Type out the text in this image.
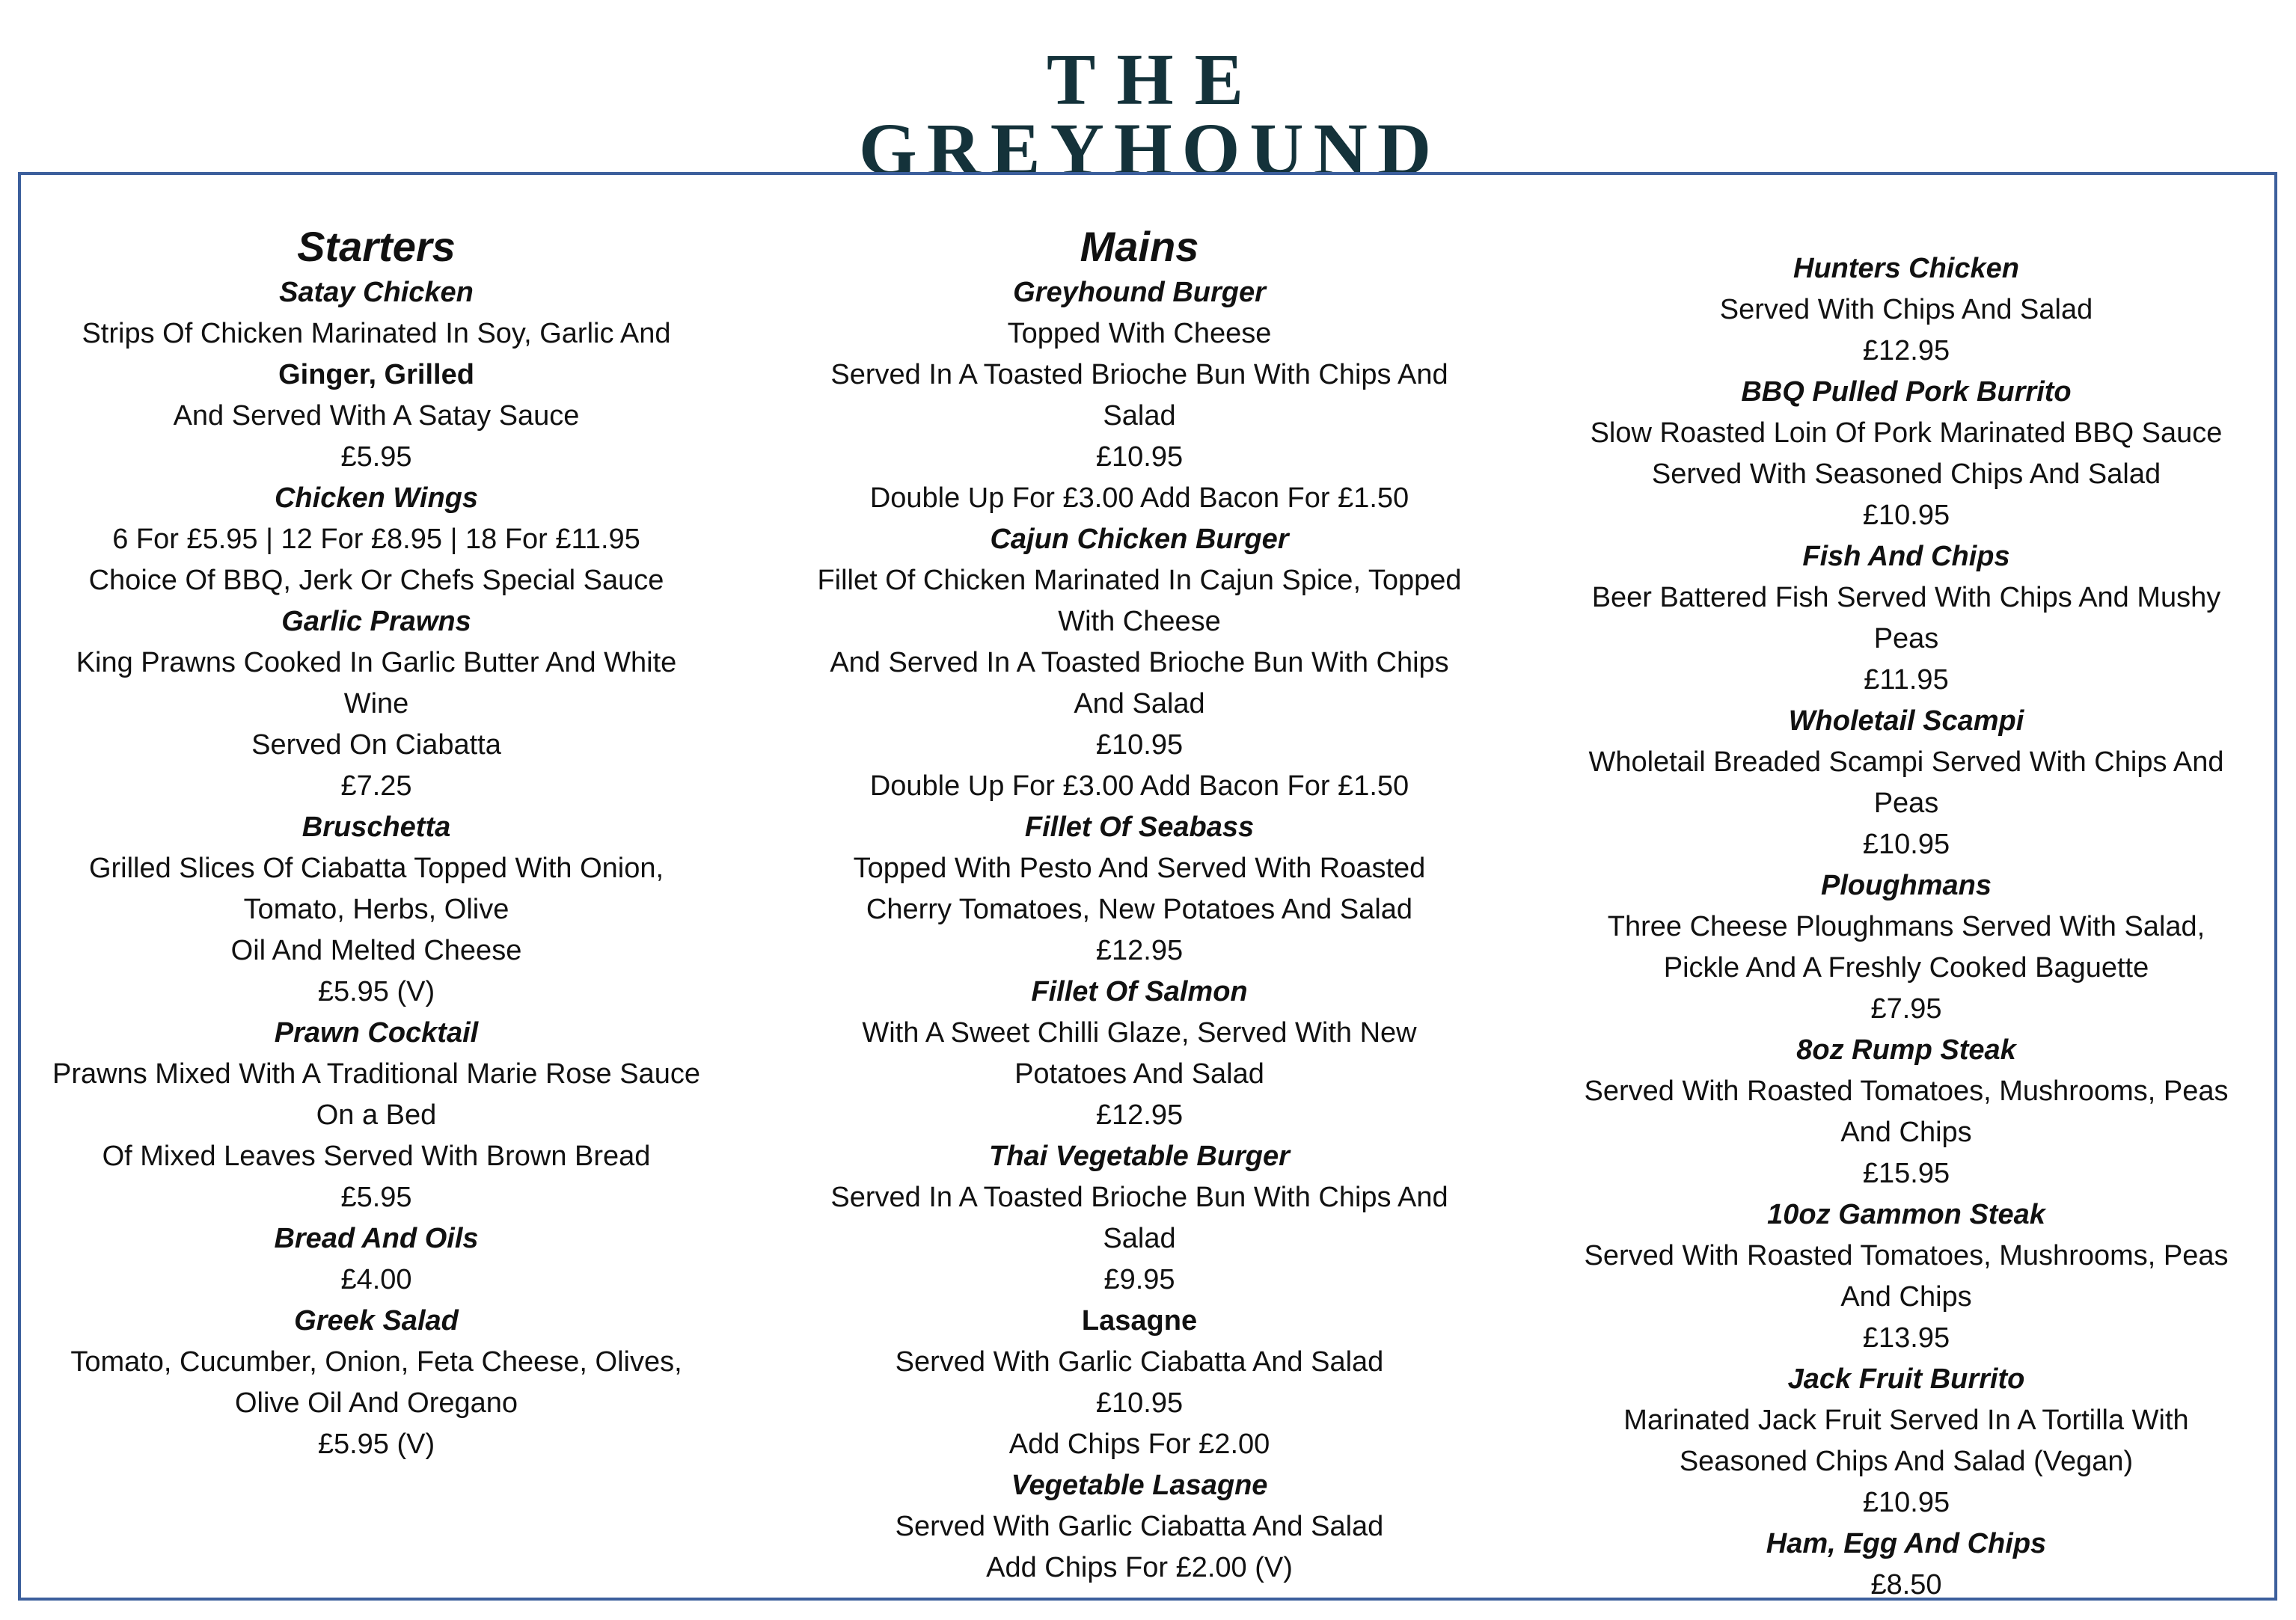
THE
GREYHOUND
Starters
Satay Chicken
Strips Of Chicken Marinated In Soy, Garlic And
Ginger, Grilled
And Served With A Satay Sauce
£5.95
Chicken Wings
6 For £5.95 | 12 For £8.95 | 18 For £11.95
Choice Of BBQ, Jerk Or Chefs Special Sauce
Garlic Prawns
King Prawns Cooked In Garlic Butter And White
Wine
Served On Ciabatta
£7.25
Bruschetta
Grilled Slices Of Ciabatta Topped With Onion,
Tomato, Herbs, Olive
Oil And Melted Cheese
£5.95 (V)
Prawn Cocktail
Prawns Mixed With A Traditional Marie Rose Sauce
On a Bed
Of Mixed Leaves Served With Brown Bread
£5.95
Bread And Oils
£4.00
Greek Salad
Tomato, Cucumber, Onion, Feta Cheese, Olives,
Olive Oil And Oregano
£5.95 (V)
Mains
Greyhound Burger
Topped With Cheese
Served In A Toasted Brioche Bun With Chips And
Salad
£10.95
Double Up For £3.00 Add Bacon For £1.50
Cajun Chicken Burger
Fillet Of Chicken Marinated In Cajun Spice, Topped
With Cheese
And Served In A Toasted Brioche Bun With Chips
And Salad
£10.95
Double Up For £3.00 Add Bacon For £1.50
Fillet Of Seabass
Topped With Pesto And Served With Roasted
Cherry Tomatoes, New Potatoes And Salad
£12.95
Fillet Of Salmon
With A Sweet Chilli Glaze, Served With New
Potatoes And Salad
£12.95
Thai Vegetable Burger
Served In A Toasted Brioche Bun With Chips And
Salad
£9.95
Lasagne
Served With Garlic Ciabatta And Salad
£10.95
Add Chips For £2.00
Vegetable Lasagne
Served With Garlic Ciabatta And Salad
Add Chips For £2.00 (V)
Hunters Chicken
Served With Chips And Salad
£12.95
BBQ Pulled Pork Burrito
Slow Roasted Loin Of Pork Marinated BBQ Sauce
Served With Seasoned Chips And Salad
£10.95
Fish And Chips
Beer Battered Fish Served With Chips And Mushy
Peas
£11.95
Wholetail Scampi
Wholetail Breaded Scampi Served With Chips And
Peas
£10.95
Ploughmans
Three Cheese Ploughmans Served With Salad,
Pickle And A Freshly Cooked Baguette
£7.95
8oz Rump Steak
Served With Roasted Tomatoes, Mushrooms, Peas
And Chips
£15.95
10oz Gammon Steak
Served With Roasted Tomatoes, Mushrooms, Peas
And Chips
£13.95
Jack Fruit Burrito
Marinated Jack Fruit Served In A Tortilla With
Seasoned Chips And Salad (Vegan)
£10.95
Ham, Egg And Chips
£8.50
